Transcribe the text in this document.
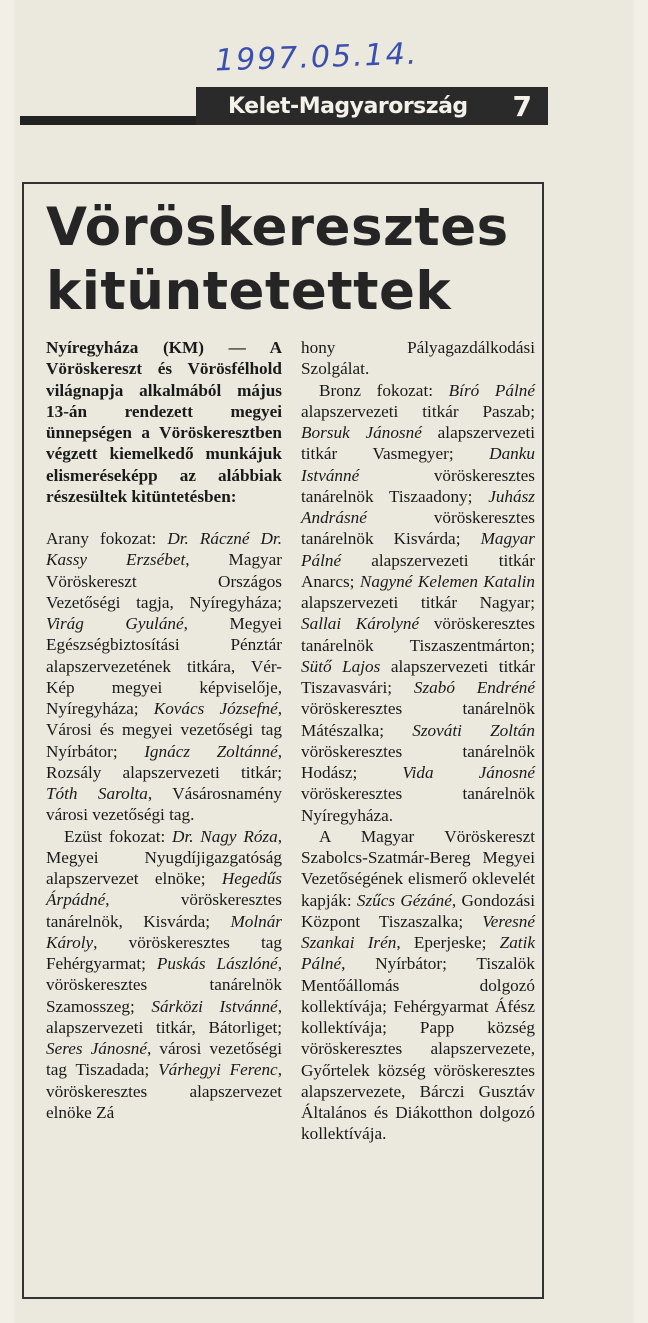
1997.05.14.
Kelet-Magyarország 7
Vöröskeresztes
kitüntetettek

Nyíregyháza (KM) — A Vöröskereszt és Vörösfélhold világnapja alkalmából május 13-án rendezett megyei ünnepségen a Vöröskeresztben végzett kiemelkedő munkájuk elismeréseképp az alábbiak részesültek kitüntetésben:

Arany fokozat: Dr. Ráczné Dr. Kassy Erzsébet, Magyar Vöröskereszt Országos Vezetőségi tagja, Nyíregyháza; Virág Gyuláné, Megyei Egészségbiztosítási Pénztár alapszervezetének titkára, Vér-Kép megyei képviselője, Nyíregyháza; Kovács Józsefné, Városi és megyei vezetőségi tag Nyírbátor; Ignácz Zoltánné, Rozsály alapszervezeti titkár; Tóth Sarolta, Vásárosnamény városi vezetőségi tag.

Ezüst fokozat: Dr. Nagy Róza, Megyei Nyugdíjigazgatóság alapszervezet elnöke; Hegedűs Árpádné, vöröskeresztes tanárelnök, Kisvárda; Molnár Károly, vöröskeresztes tag Fehérgyarmat; Puskás Lászlóné, vöröskeresztes tanárelnök Szamosszeg; Sárközi Istvánné, alapszervezeti titkár, Bátorliget; Seres Jánosné, városi vezetőségi tag Tiszadada; Várhegyi Ferenc, vöröskeresztes alapszervezet elnöke Zá

hony Pályagazdálkodási Szolgálat.

Bronz fokozat: Bíró Pálné alapszervezeti titkár Paszab; Borsuk Jánosné alapszervezeti titkár Vasmegyer; Danku Istvánné vöröskeresztes tanárelnök Tiszaadony; Juhász Andrásné vöröskeresztes tanárelnök Kisvárda; Magyar Pálné alapszervezeti titkár Anarcs; Nagyné Kelemen Katalin alapszervezeti titkár Nagyar; Sallai Károlyné vöröskeresztes tanárelnök Tiszaszentmárton; Sütő Lajos alapszervezeti titkár Tiszavasvári; Szabó Endréné vöröskeresztes tanárelnök Mátészalka; Szováti Zoltán vöröskeresztes tanárelnök Hodász; Vida Jánosné vöröskeresztes tanárelnök Nyíregyháza.

A Magyar Vöröskereszt Szabolcs-Szatmár-Bereg Megyei Vezetőségének elismerő oklevelét kapják: Szűcs Gézáné, Gondozási Központ Tiszaszalka; Veresné Szankai Irén, Eperjeske; Zatik Pálné, Nyírbátor; Tiszalök Mentőállomás dolgozó kollektívája; Fehérgyarmat Áfész kollektívája; Papp község vöröskeresztes alapszervezete, Győrtelek község vöröskeresztes alapszervezete, Bárczi Gusztáv Általános és Diákotthon dolgozó kollektívája.
